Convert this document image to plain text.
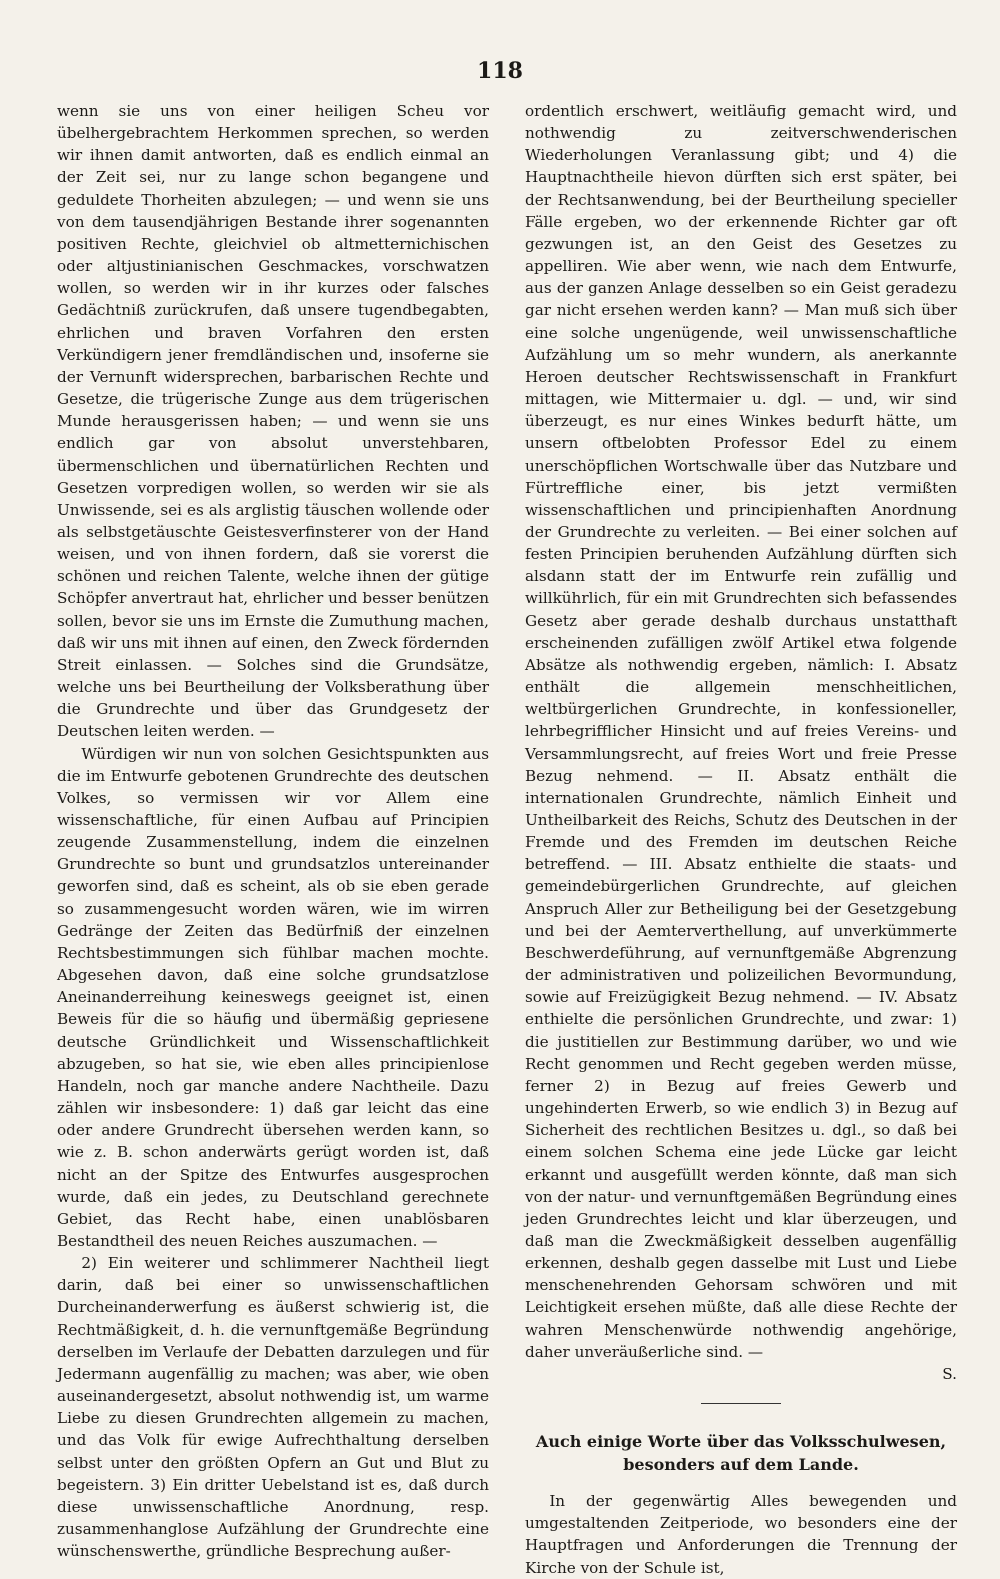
118

wenn sie uns von einer heiligen Scheu vor übelhergebrachtem Herkommen sprechen, so werden wir ihnen damit antworten, daß es endlich einmal an der Zeit sei, nur zu lange schon begangene und geduldete Thorheiten abzulegen; — und wenn sie uns von dem tausendjährigen Bestande ihrer sogenannten positiven Rechte, gleichviel ob altmetternichischen oder altjustinianischen Geschmackes, vorschwatzen wollen, so werden wir in ihr kurzes oder falsches Gedächtniß zurückrufen, daß unsere tugendbegabten, ehrlichen und braven Vorfahren den ersten Verkündigern jener fremdländischen und, insoferne sie der Vernunft widersprechen, barbarischen Rechte und Gesetze, die trügerische Zunge aus dem trügerischen Munde herausgerissen haben; — und wenn sie uns endlich gar von absolut unverstehbaren, übermenschlichen und übernatürlichen Rechten und Gesetzen vorpredigen wollen, so werden wir sie als Unwissende, sei es als arglistig täuschen wollende oder als selbstgetäuschte Geistesverfinsterer von der Hand weisen, und von ihnen fordern, daß sie vorerst die schönen und reichen Talente, welche ihnen der gütige Schöpfer anvertraut hat, ehrlicher und besser benützen sollen, bevor sie uns im Ernste die Zumuthung machen, daß wir uns mit ihnen auf einen, den Zweck fördernden Streit einlassen. — Solches sind die Grundsätze, welche uns bei Beurtheilung der Volksberathung über die Grundrechte und über das Grundgesetz der Deutschen leiten werden. —

Würdigen wir nun von solchen Gesichtspunkten aus die im Entwurfe gebotenen Grundrechte des deutschen Volkes, so vermissen wir vor Allem eine wissenschaftliche, für einen Aufbau auf Principien zeugende Zusammenstellung, indem die einzelnen Grundrechte so bunt und grundsatzlos untereinander geworfen sind, daß es scheint, als ob sie eben gerade so zusammengesucht worden wären, wie im wirren Gedränge der Zeiten das Bedürfniß der einzelnen Rechtsbestimmungen sich fühlbar machen mochte. Abgesehen davon, daß eine solche grundsatzlose Aneinanderreihung keineswegs geeignet ist, einen Beweis für die so häufig und übermäßig gepriesene deutsche Gründlichkeit und Wissenschaftlichkeit abzugeben, so hat sie, wie eben alles principienlose Handeln, noch gar manche andere Nachtheile. Dazu zählen wir insbesondere: 1) daß gar leicht das eine oder andere Grundrecht übersehen werden kann, so wie z. B. schon anderwärts gerügt worden ist, daß nicht an der Spitze des Entwurfes ausgesprochen wurde, daß ein jedes, zu Deutschland gerechnete Gebiet, das Recht habe, einen unablösbaren Bestandtheil des neuen Reiches auszumachen. —

2) Ein weiterer und schlimmerer Nachtheil liegt darin, daß bei einer so unwissenschaftlichen Durcheinanderwerfung es äußerst schwierig ist, die Rechtmäßigkeit, d. h. die vernunftgemäße Begründung derselben im Verlaufe der Debatten darzulegen und für Jedermann augenfällig zu machen; was aber, wie oben auseinandergesetzt, absolut nothwendig ist, um warme Liebe zu diesen Grundrechten allgemein zu machen, und das Volk für ewige Aufrechthaltung derselben selbst unter den größten Opfern an Gut und Blut zu begeistern. 3) Ein dritter Uebelstand ist es, daß durch diese unwissenschaftliche Anordnung, resp. zusammenhanglose Aufzählung der Grundrechte eine wünschenswerthe, gründliche Besprechung außer-

ordentlich erschwert, weitläufig gemacht wird, und nothwendig zu zeitverschwenderischen Wiederholungen Veranlassung gibt; und 4) die Hauptnachtheile hievon dürften sich erst später, bei der Rechtsanwendung, bei der Beurtheilung specieller Fälle ergeben, wo der erkennende Richter gar oft gezwungen ist, an den Geist des Gesetzes zu appelliren. Wie aber wenn, wie nach dem Entwurfe, aus der ganzen Anlage desselben so ein Geist geradezu gar nicht ersehen werden kann? — Man muß sich über eine solche ungenügende, weil unwissenschaftliche Aufzählung um so mehr wundern, als anerkannte Heroen deutscher Rechtswissenschaft in Frankfurt mittagen, wie Mittermaier u. dgl. — und, wir sind überzeugt, es nur eines Winkes bedurft hätte, um unsern oftbelobten Professor Edel zu einem unerschöpflichen Wortschwalle über das Nutzbare und Fürtreffliche einer, bis jetzt vermißten wissenschaftlichen und principienhaften Anordnung der Grundrechte zu verleiten. — Bei einer solchen auf festen Principien beruhenden Aufzählung dürften sich alsdann statt der im Entwurfe rein zufällig und willkührlich, für ein mit Grundrechten sich befassendes Gesetz aber gerade deshalb durchaus unstatthaft erscheinenden zufälligen zwölf Artikel etwa folgende Absätze als nothwendig ergeben, nämlich: I. Absatz enthält die allgemein menschheitlichen, weltbürgerlichen Grundrechte, in konfessioneller, lehrbegrifflicher Hinsicht und auf freies Vereins- und Versammlungsrecht, auf freies Wort und freie Presse Bezug nehmend. — II. Absatz enthält die internationalen Grundrechte, nämlich Einheit und Untheilbarkeit des Reichs, Schutz des Deutschen in der Fremde und des Fremden im deutschen Reiche betreffend. — III. Absatz enthielte die staats- und gemeindebürgerlichen Grundrechte, auf gleichen Anspruch Aller zur Betheiligung bei der Gesetzgebung und bei der Aemterverthellung, auf unverkümmerte Beschwerdeführung, auf vernunftgemäße Abgrenzung der administrativen und polizeilichen Bevormundung, sowie auf Freizügigkeit Bezug nehmend. — IV. Absatz enthielte die persönlichen Grundrechte, und zwar: 1) die justitiellen zur Bestimmung darüber, wo und wie Recht genommen und Recht gegeben werden müsse, ferner 2) in Bezug auf freies Gewerb und ungehinderten Erwerb, so wie endlich 3) in Bezug auf Sicherheit des rechtlichen Besitzes u. dgl., so daß bei einem solchen Schema eine jede Lücke gar leicht erkannt und ausgefüllt werden könnte, daß man sich von der natur- und vernunftgemäßen Begründung eines jeden Grundrechtes leicht und klar überzeugen, und daß man die Zweckmäßigkeit desselben augenfällig erkennen, deshalb gegen dasselbe mit Lust und Liebe menschenehrenden Gehorsam schwören und mit Leichtigkeit ersehen müßte, daß alle diese Rechte der wahren Menschenwürde nothwendig angehörige, daher unveräußerliche sind. —

S.

Auch einige Worte über das Volksschulwesen, besonders auf dem Lande.

In der gegenwärtig Alles bewegenden und umgestaltenden Zeitperiode, wo besonders eine der Hauptfragen und Anforderungen die Trennung der Kirche von der Schule ist,
